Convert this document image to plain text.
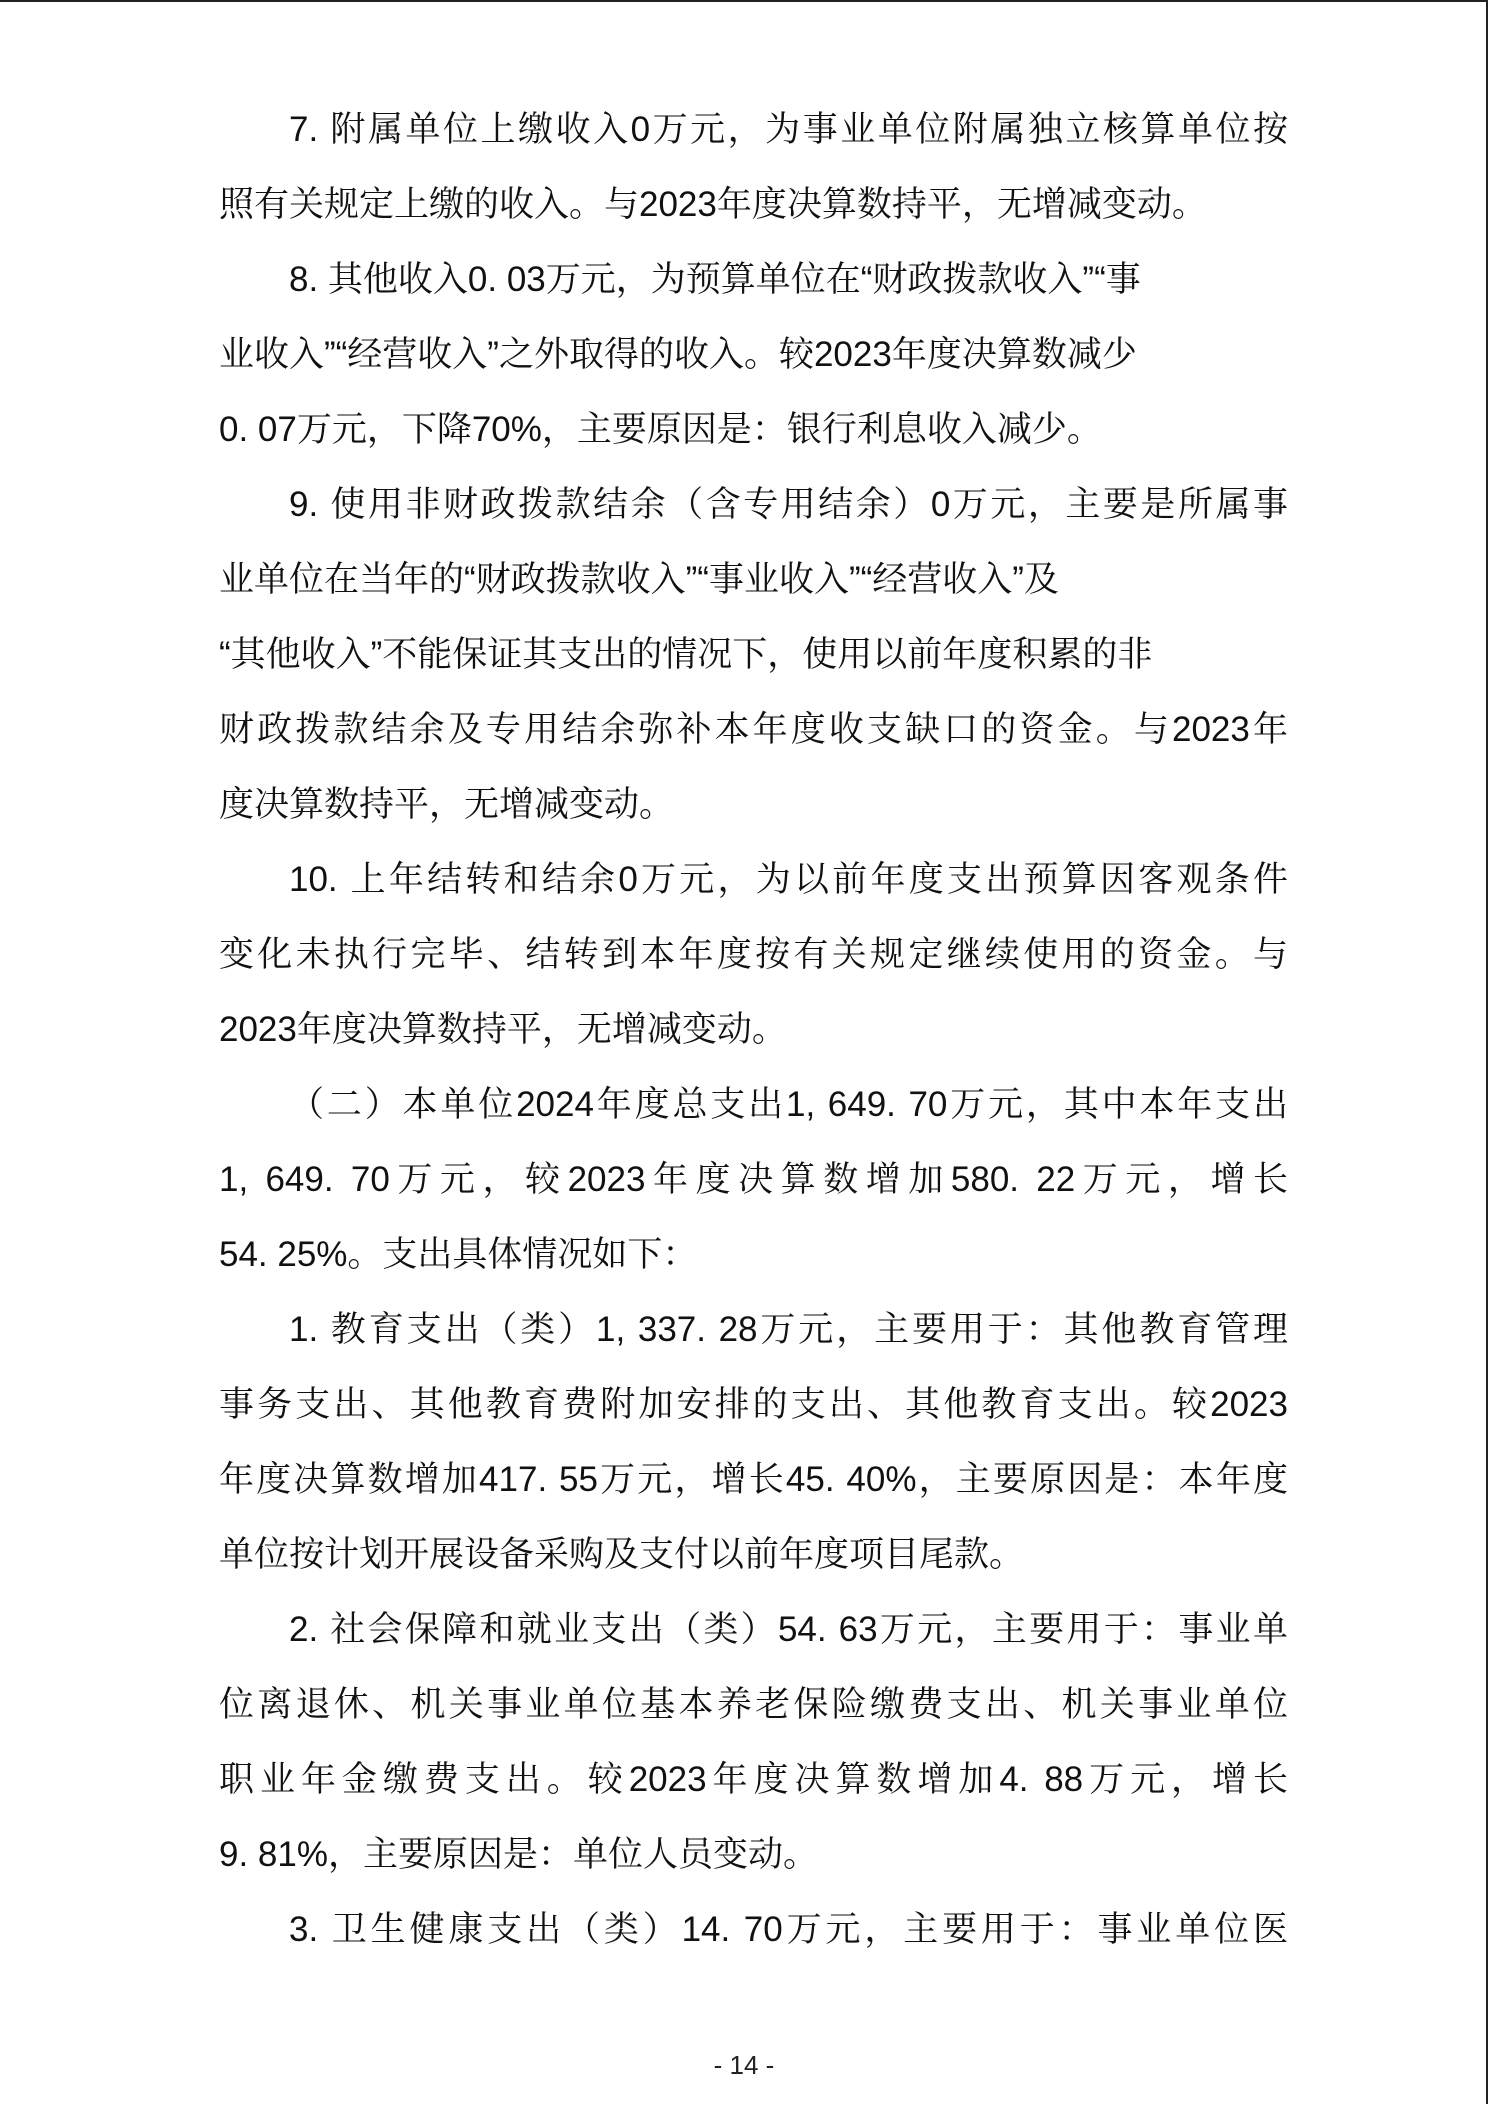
7. 附属单位上缴收入0万元，为事业单位附属独立核算单位按
照有关规定上缴的收入。与2023年度决算数持平，无增减变动。
8. 其他收入0. 03万元，为预算单位在“财政拨款收入”“事
业收入”“经营收入”之外取得的收入。较2023年度决算数减少
0. 07万元，下降70%，主要原因是：银行利息收入减少。
9. 使用非财政拨款结余（含专用结余）0万元，主要是所属事
业单位在当年的“财政拨款收入”“事业收入”“经营收入”及
“其他收入”不能保证其支出的情况下，使用以前年度积累的非
财政拨款结余及专用结余弥补本年度收支缺口的资金。与2023年
度决算数持平，无增减变动。
10. 上年结转和结余0万元，为以前年度支出预算因客观条件
变化未执行完毕、结转到本年度按有关规定继续使用的资金。与
2023年度决算数持平，无增减变动。
（二）本单位2024年度总支出1, 649. 70万元，其中本年支出
1, 649. 70万元，较2023年度决算数增加580. 22万元，增长
54. 25%。支出具体情况如下：
1. 教育支出（类）1, 337. 28万元，主要用于：其他教育管理
事务支出、其他教育费附加安排的支出、其他教育支出。较2023
年度决算数增加417. 55万元，增长45. 40%，主要原因是：本年度
单位按计划开展设备采购及支付以前年度项目尾款。
2. 社会保障和就业支出（类）54. 63万元，主要用于：事业单
位离退休、机关事业单位基本养老保险缴费支出、机关事业单位
职业年金缴费支出。较2023年度决算数增加4. 88万元，增长
9. 81%，主要原因是：单位人员变动。
3. 卫生健康支出（类）14. 70万元，主要用于：事业单位医
- 14 -
